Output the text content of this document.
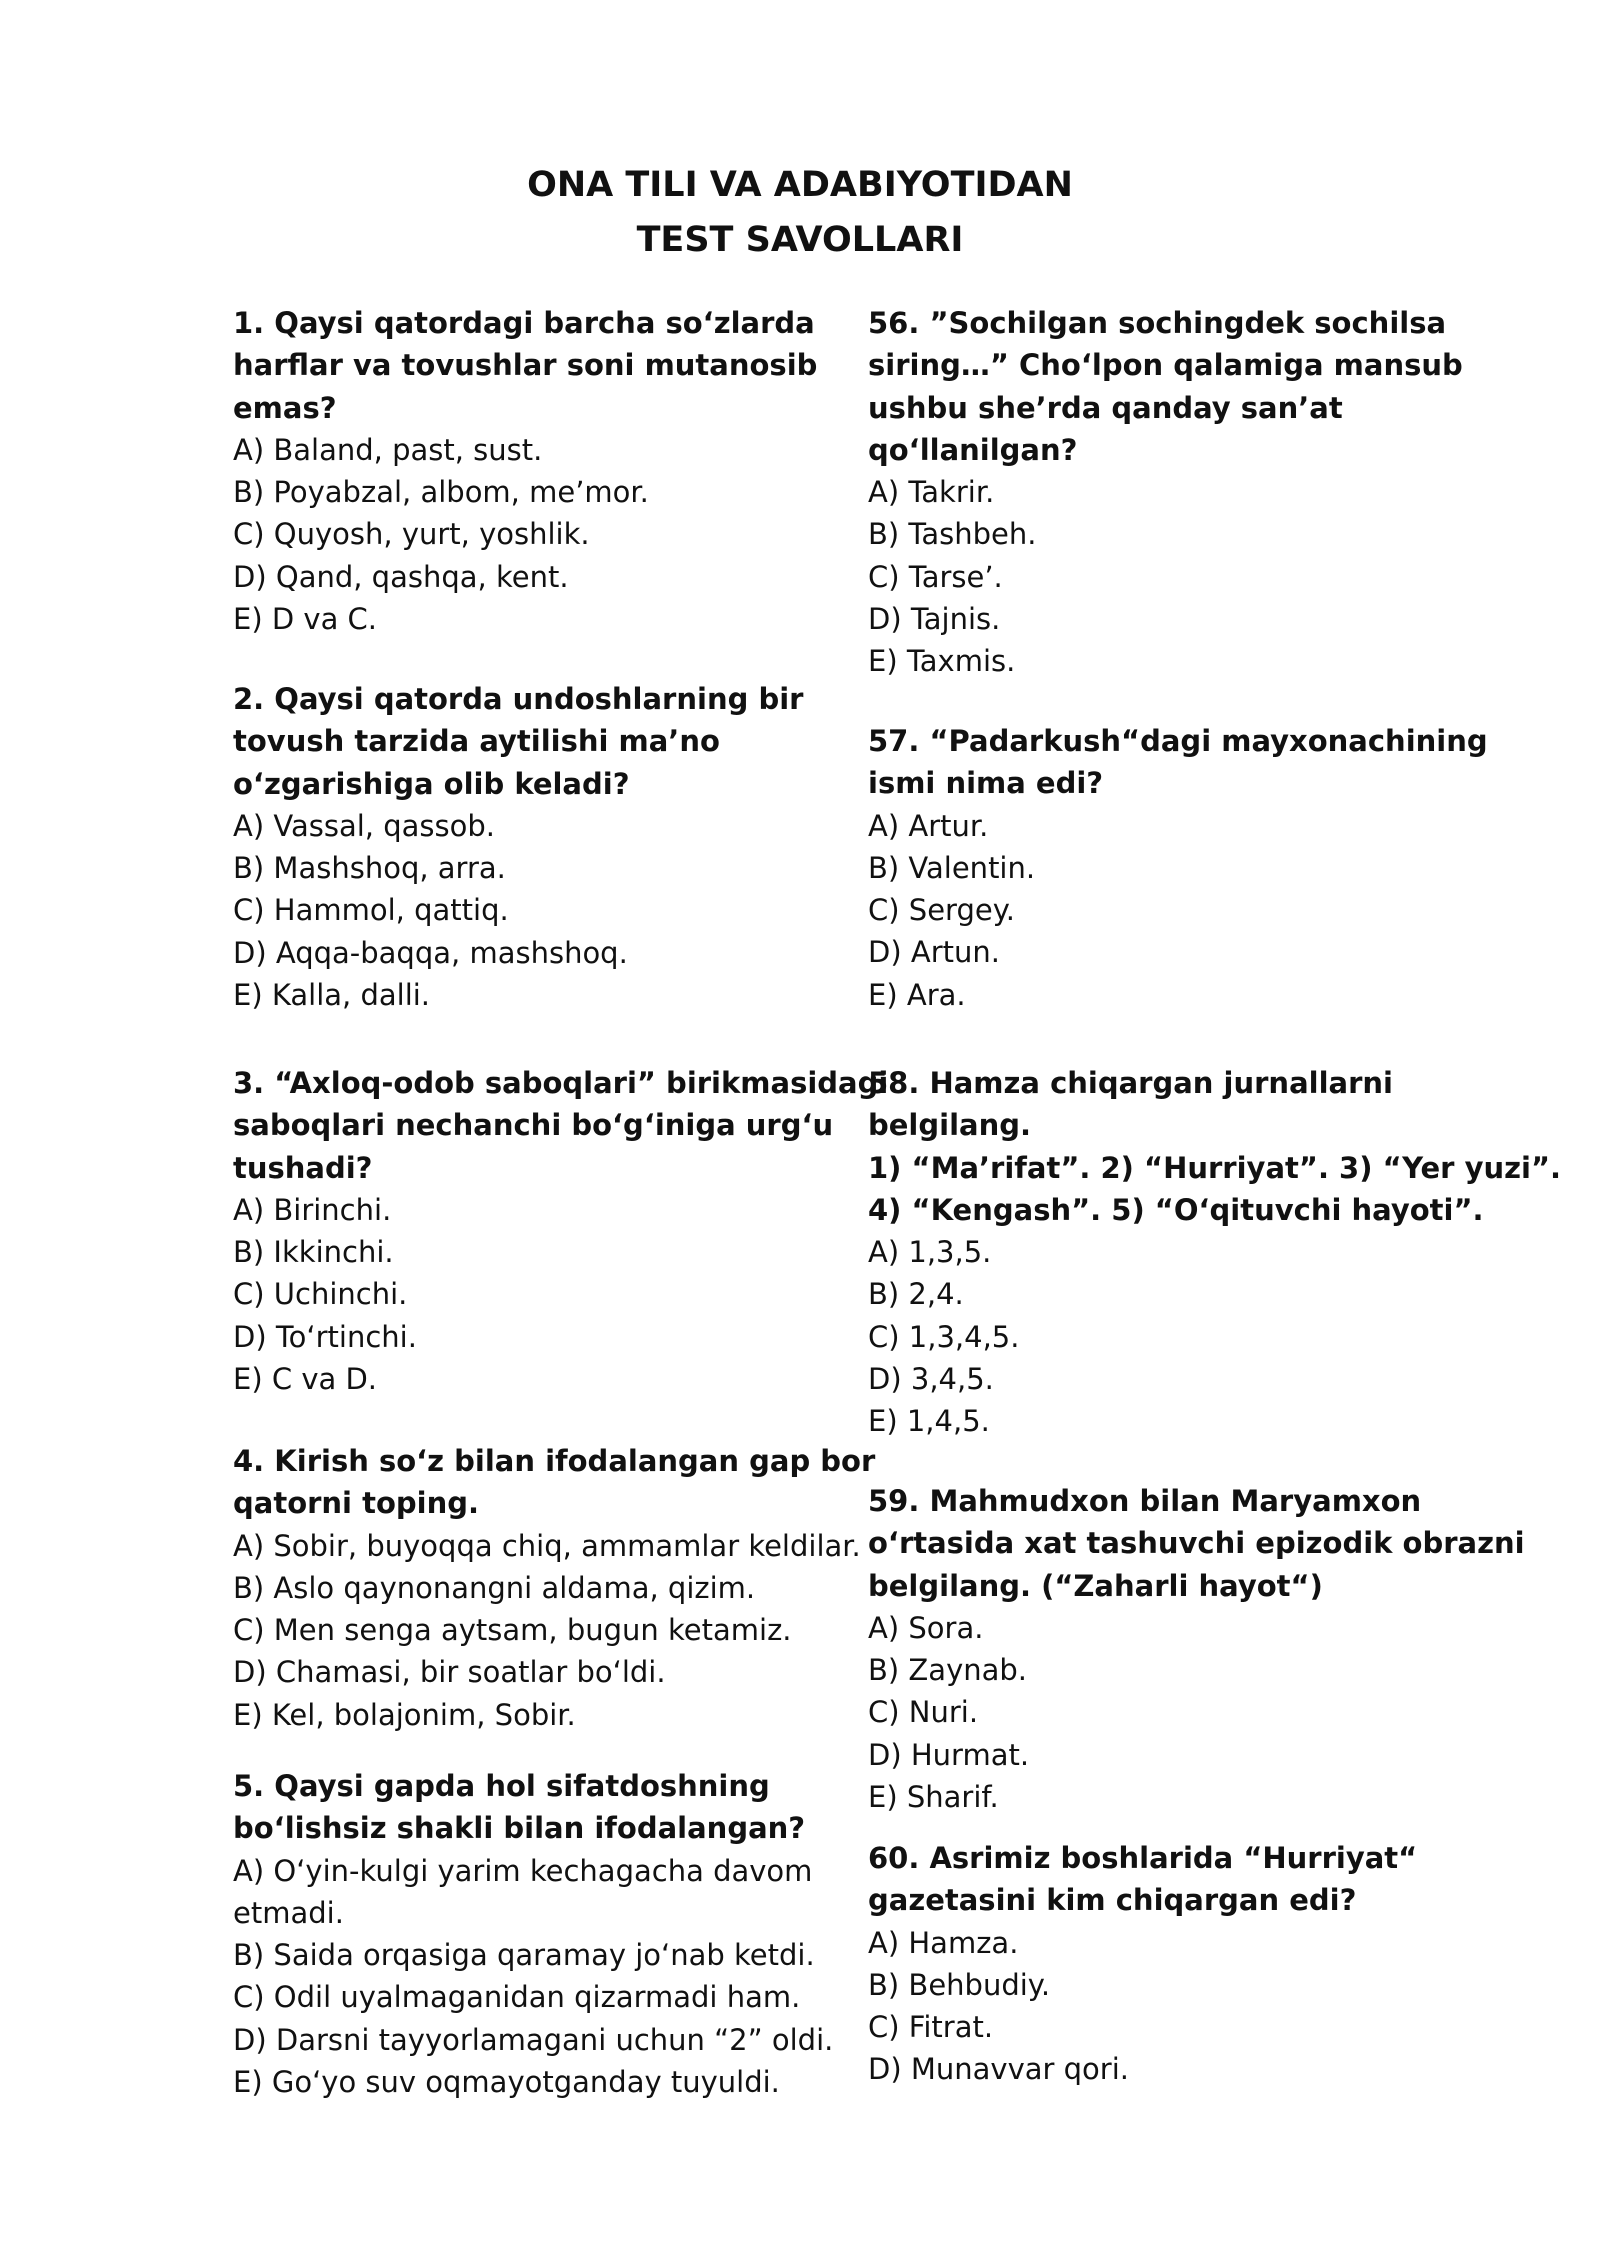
ONA TILI VA ADABIYOTIDAN
TEST SAVOLLARI
1. Qaysi qatordagi barcha so‘zlarda
harflar va tovushlar soni mutanosib
emas?
A) Baland, past, sust.
B) Poyabzal, albom, me’mor.
C) Quyosh, yurt, yoshlik.
D) Qand, qashqa, kent.
E) D va C.
2. Qaysi qatorda undoshlarning bir
tovush tarzida aytilishi ma’no
o‘zgarishiga olib keladi?
A) Vassal, qassob.
B) Mashshoq, arra.
C) Hammol, qattiq.
D) Aqqa-baqqa, mashshoq.
E) Kalla, dalli.
3. “Axloq-odob saboqlari” birikmasidagi
saboqlari nechanchi bo‘g‘iniga urg‘u
tushadi?
A) Birinchi.
B) Ikkinchi.
C) Uchinchi.
D) To‘rtinchi.
E) C va D.
4. Kirish so‘z bilan ifodalangan gap bor
qatorni toping.
A) Sobir, buyoqqa chiq, ammamlar keldilar.
B) Aslo qaynonangni aldama, qizim.
C) Men senga aytsam, bugun ketamiz.
D) Chamasi, bir soatlar bo‘ldi.
E) Kel, bolajonim, Sobir.
5. Qaysi gapda hol sifatdoshning
bo‘lishsiz shakli bilan ifodalangan?
A) O‘yin-kulgi yarim kechagacha davom
etmadi.
B) Saida orqasiga qaramay jo‘nab ketdi.
C) Odil uyalmaganidan qizarmadi ham.
D) Darsni tayyorlamagani uchun “2” oldi.
E) Go‘yo suv oqmayotganday tuyuldi.
56. ”Sochilgan sochingdek sochilsa
siring…” Cho‘lpon qalamiga mansub
ushbu she’rda qanday san’at
qo‘llanilgan?
A) Takrir.
B) Tashbeh.
C) Tarse’.
D) Tajnis.
E) Taxmis.
57. “Padarkush“dagi mayxonachining
ismi nima edi?
A) Artur.
B) Valentin.
C) Sergey.
D) Artun.
E) Ara.
58. Hamza chiqargan jurnallarni
belgilang.
1) “Ma’rifat”. 2) “Hurriyat”. 3) “Yer yuzi”.
4) “Kengash”. 5) “O‘qituvchi hayoti”.
A) 1,3,5.
B) 2,4.
C) 1,3,4,5.
D) 3,4,5.
E) 1,4,5.
59. Mahmudxon bilan Maryamxon
o‘rtasida xat tashuvchi epizodik obrazni
belgilang. (“Zaharli hayot“)
A) Sora.
B) Zaynab.
C) Nuri.
D) Hurmat.
E) Sharif.
60. Asrimiz boshlarida “Hurriyat“
gazetasini kim chiqargan edi?
A) Hamza.
B) Behbudiy.
C) Fitrat.
D) Munavvar qori.
